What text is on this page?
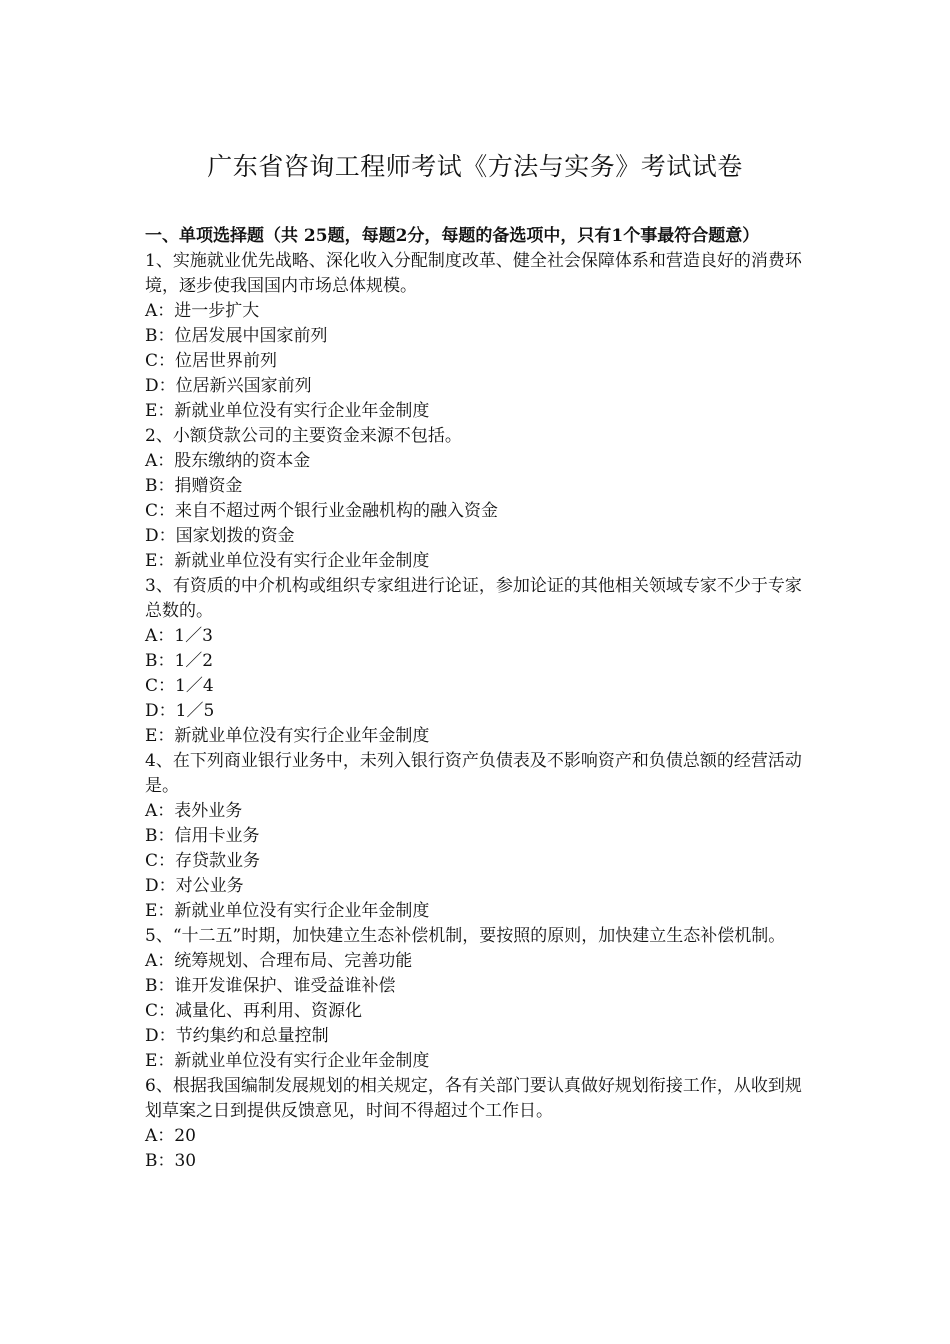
广东省咨询工程师考试《方法与实务》考试试卷

一、单项选择题（共 25题，每题2分，每题的备选项中，只有1个事最符合题意）

1、实施就业优先战略、深化收入分配制度改革、健全社会保障体系和营造良好的消费环境，逐步使我国国内市场总体规模。

A：进一步扩大

B：位居发展中国家前列

C：位居世界前列

D：位居新兴国家前列

E：新就业单位没有实行企业年金制度

2、小额贷款公司的主要资金来源不包括。

A：股东缴纳的资本金

B：捐赠资金

C：来自不超过两个银行业金融机构的融入资金

D：国家划拨的资金

E：新就业单位没有实行企业年金制度

3、有资质的中介机构或组织专家组进行论证，参加论证的其他相关领域专家不少于专家总数的。

A：1／3

B：1／2

C：1／4

D：1／5

E：新就业单位没有实行企业年金制度

4、在下列商业银行业务中，未列入银行资产负债表及不影响资产和负债总额的经营活动是。

A：表外业务

B：信用卡业务

C：存贷款业务

D：对公业务

E：新就业单位没有实行企业年金制度

5、“十二五”时期，加快建立生态补偿机制，要按照的原则，加快建立生态补偿机制。

A：统筹规划、合理布局、完善功能

B：谁开发谁保护、谁受益谁补偿

C：减量化、再利用、资源化

D：节约集约和总量控制

E：新就业单位没有实行企业年金制度

6、根据我国编制发展规划的相关规定，各有关部门要认真做好规划衔接工作，从收到规划草案之日到提供反馈意见，时间不得超过个工作日。

A：20

B：30
